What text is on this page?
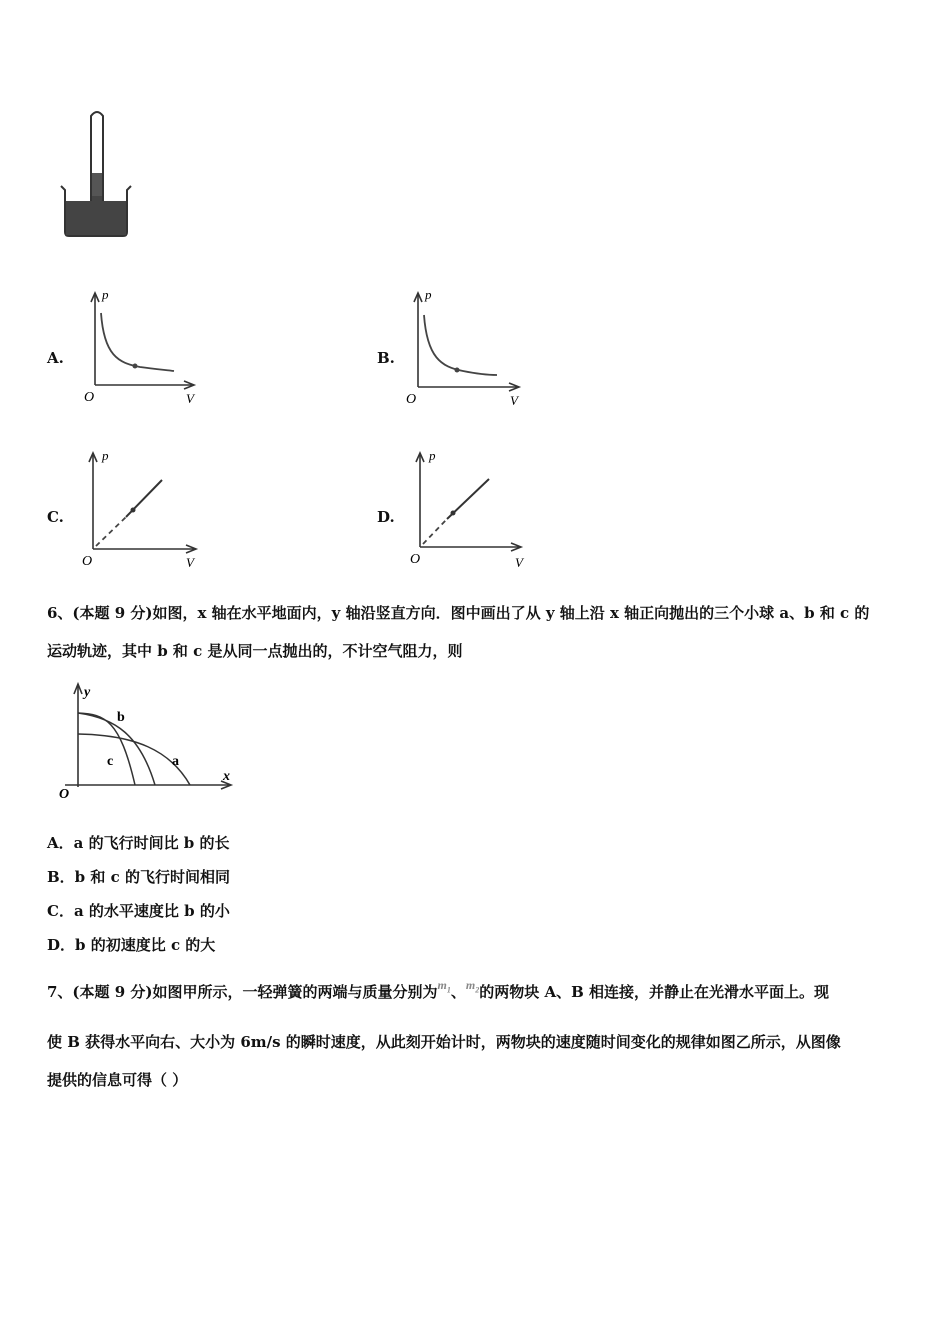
A.
p
O	V
B.
p
O	V
C.
p
O	V
D.
p
O	V
6、(本题 9 分)如图，x 轴在水平地面内，y 轴沿竖直方向．图中画出了从 y 轴上沿 x 轴正向抛出的三个小球 a、b 和 c 的
运动轨迹，其中 b 和 c 是从同一点抛出的，不计空气阻力，则
y
b
c	a
x
O
A．a 的飞行时间比 b 的长
B．b 和 c 的飞行时间相同
C．a 的水平速度比 b 的小
D．b 的初速度比 c 的大
7、(本题 9 分)如图甲所示，一轻弹簧的两端与质量分别为$^{m_1}$、$^{m_2}$的两物块 A、B 相连接，并静止在光滑水平面上。现
使 B 获得水平向右、大小为 6m/s 的瞬时速度，从此刻开始计时，两物块的速度随时间变化的规律如图乙所示，从图像
提供的信息可得（ ）
